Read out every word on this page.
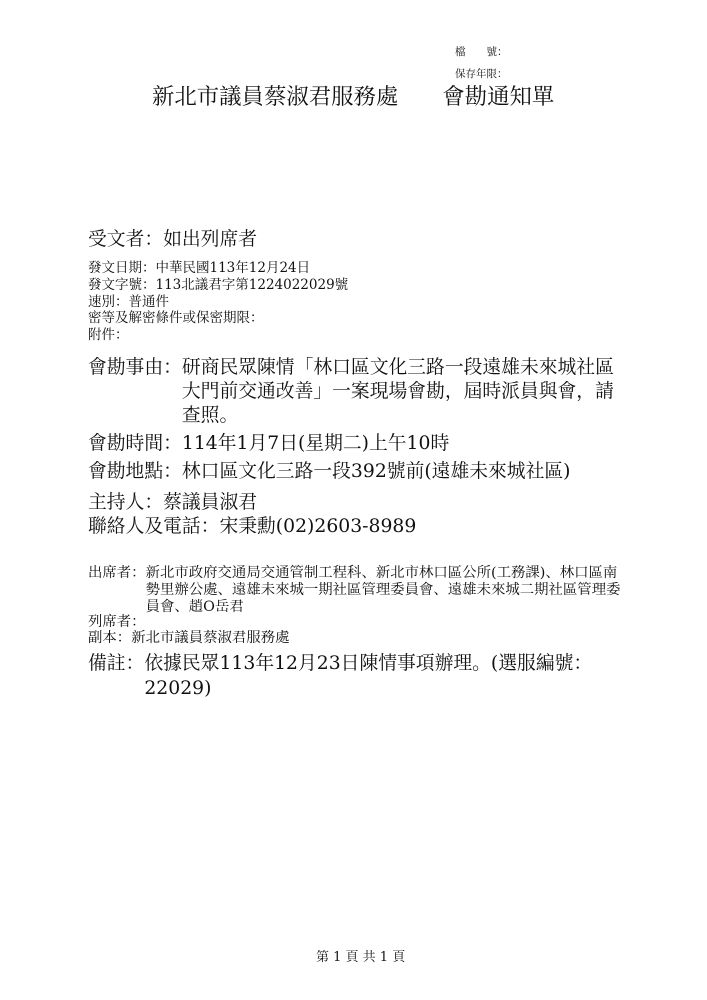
檔　　號：
保存年限：
新北市議員蔡淑君服務處 會勘通知單
受文者：如出列席者
發文日期：中華民國113年12月24日
發文字號：113北議君字第1224022029號
速別：普通件
密等及解密條件或保密期限：
附件：
會勘事由： 研商民眾陳情「林口區文化三路一段遠雄未來城社區
大門前交通改善」一案現場會勘，屆時派員與會，請
查照。
會勘時間：114年1月7日(星期二)上午10時
會勘地點：林口區文化三路一段392號前(遠雄未來城社區)
主持人：蔡議員淑君
聯絡人及電話：宋秉勳(02)2603-8989
出席者： 新北市政府交通局交通管制工程科、新北市林口區公所(工務課)、林口區南
勢里辦公處、遠雄未來城一期社區管理委員會、遠雄未來城二期社區管理委
員會、趙O岳君
列席者：
副本：新北市議員蔡淑君服務處
備註： 依據民眾113年12月23日陳情事項辦理。(選服編號：
22029)
第 1 頁 共 1 頁
